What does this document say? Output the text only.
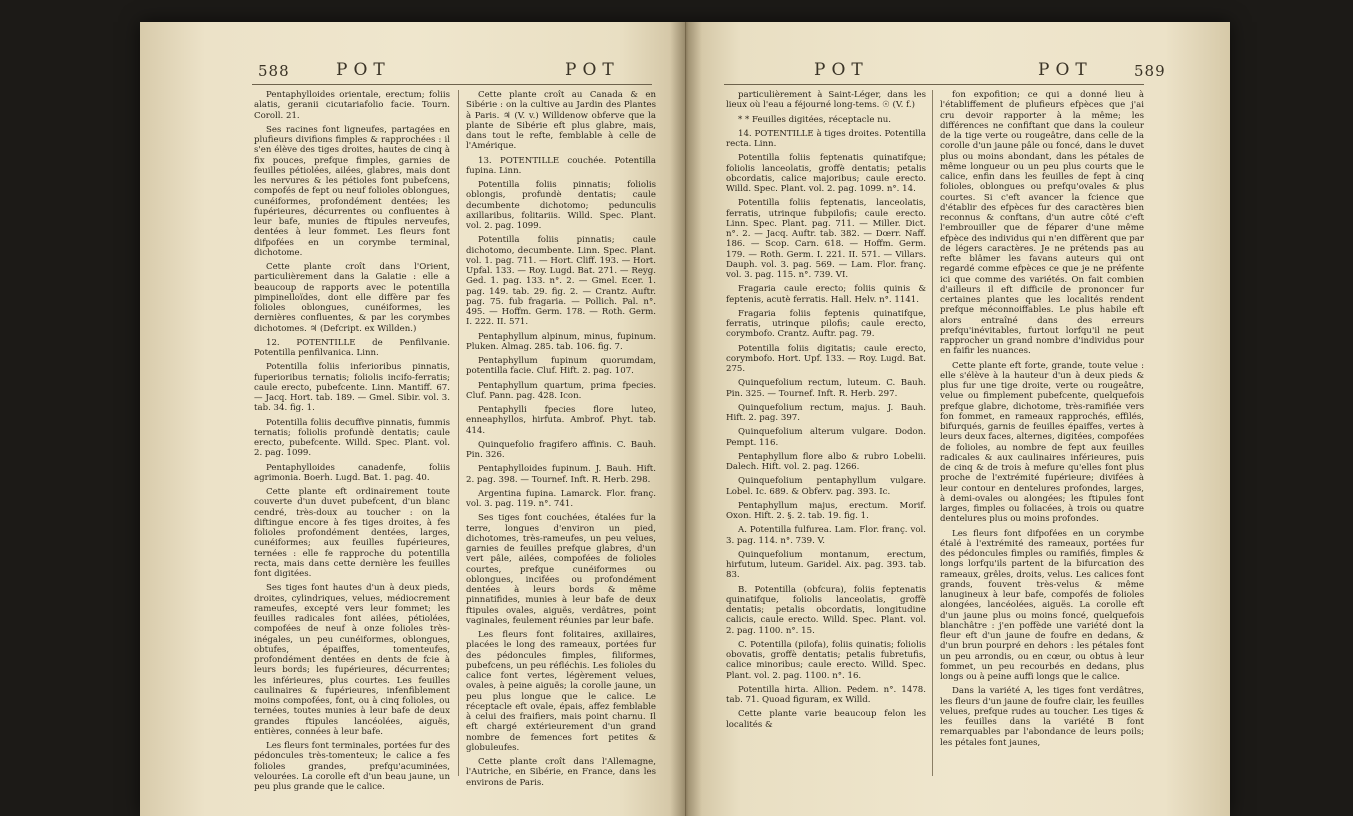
588	POT	POT

Pentaphylloides orientale, erectum; foliis alatis, geranii cicutariafolio facie. Tourn. Coroll. 21.

Ses racines font ligneufes, partagées en plufieurs divifions fimples & rapprochées : il s'en élève des tiges droites, hautes de cinq à fix pouces, prefque fimples, garnies de feuilles pétiolées, ailées, glabres, mais dont les nervures & les pétioles font pubefcens, compofés de fept ou neuf folioles oblongues, cunéiformes, profondément dentées; les fupérieures, décurrentes ou confluentes à leur bafe, munies de ftipules nerveufes, dentées à leur fommet. Les fleurs font difpofées en un corymbe terminal, dichotome.

Cette plante croît dans l'Orient, particulièrement dans la Galatie : elle a beaucoup de rapports avec le potentilla pimpinelloïdes, dont elle diffère par fes folioles oblongues, cunéiformes, les dernières confluentes, & par les corymbes dichotomes. ♃ (Defcript. ex Willden.)

12. POTENTILLE de Penfilvanie. Potentilla penfilvanica. Linn.

Potentilla foliis inferioribus pinnatis, fuperioribus ternatis; foliolis incifo-ferratis; caule erecto, pubefcente. Linn. Mantiff. 67. — Jacq. Hort. tab. 189. — Gmel. Sibir. vol. 3. tab. 34. fig. 1.

Potentilla foliis decuffive pinnatis, fummis ternatis; foliolis profundè dentatis; caule erecto, pubefcente. Willd. Spec. Plant. vol. 2. pag. 1099.

Pentaphylloides canadenfe, foliis agrimonia. Boerh. Lugd. Bat. 1. pag. 40.

Cette plante eft ordinairement toute couverte d'un duvet pubefcent, d'un blanc cendré, très-doux au toucher : on la diftingue encore à fes tiges droites, à fes folioles profondément dentées, larges, cunéiformes; aux feuilles fupérieures, ternées : elle fe rapproche du potentilla recta, mais dans cette dernière les feuilles font digitées.

Ses tiges font hautes d'un à deux pieds, droites, cylindriques, velues, médiocrement rameufes, excepté vers leur fommet; les feuilles radicales font ailées, pétiolées, compofées de neuf à onze folioles très-inégales, un peu cunéiformes, oblongues, obtufes, épaiffes, tomenteufes, profondément dentées en dents de fcie à leurs bords; les fupérieures, décurrentes; les inférieures, plus courtes. Les feuilles caulinaires & fupérieures, infenfiblement moins compofées, font, ou à cinq folioles, ou ternées, toutes munies à leur bafe de deux grandes ftipules lancéolées, aiguës, entières, connées à leur bafe.

Les fleurs font terminales, portées fur des pédoncules très-tomenteux; le calice a fes folioles grandes, prefqu'acuminées, velourées. La corolle eft d'un beau jaune, un peu plus grande que le calice.

Cette plante croît au Canada & en Sibérie : on la cultive au Jardin des Plantes à Paris. ♃ (V. v.) Willdenow obferve que la plante de Sibérie eft plus glabre, mais, dans tout le refte, femblable à celle de l'Amérique.

13. POTENTILLE couchée. Potentilla fupina. Linn.

Potentilla foliis pinnatis; foliolis oblongis, profundè dentatis; caule decumbente dichotomo; pedunculis axillaribus, folitariis. Willd. Spec. Plant. vol. 2. pag. 1099.

Potentilla foliis pinnatis; caule dichotomo, decumbente. Linn. Spec. Plant. vol. 1. pag. 711. — Hort. Cliff. 193. — Hort. Upfal. 133. — Roy. Lugd. Bat. 271. — Reyg. Ged. 1. pag. 133. n°. 2. — Gmel. Ecer. 1. pag. 149. tab. 29. fig. 2. — Crantz. Auftr. pag. 75. fub fragaria. — Pollich. Pal. n°. 495. — Hoffm. Germ. 178. — Roth. Germ. I. 222. II. 571.

Pentaphyllum alpinum, minus, fupinum. Pluken. Almag. 285. tab. 106. fig. 7.

Pentaphyllum fupinum quorumdam, potentilla facie. Cluf. Hift. 2. pag. 107.

Pentaphyllum quartum, prima fpecies. Cluf. Pann. pag. 428. Icon.

Pentaphylli fpecies flore luteo, enneaphyllos, hirfuta. Ambrof. Phyt. tab. 414.

Quinquefolio fragifero affinis. C. Bauh. Pin. 326.

Pentaphylloides fupinum. J. Bauh. Hift. 2. pag. 398. — Tournef. Inft. R. Herb. 298.

Argentina fupina. Lamarck. Flor. franç. vol. 3. pag. 119. n°. 741.

Ses tiges font couchées, étalées fur la terre, longues d'environ un pied, dichotomes, très-rameufes, un peu velues, garnies de feuilles prefque glabres, d'un vert pâle, ailées, compofées de folioles courtes, prefque cunéiformes ou oblongues, incifées ou profondément dentées à leurs bords & même pinnatifides, munies à leur bafe de deux ftipules ovales, aiguës, verdâtres, point vaginales, feulement réunies par leur bafe.

Les fleurs font folitaires, axillaires, placées le long des rameaux, portées fur des pédoncules fimples, filiformes, pubefcens, un peu réfléchis. Les folioles du calice font vertes, légèrement velues, ovales, à peine aiguës; la corolle jaune, un peu plus longue que le calice. Le réceptacle eft ovale, épais, affez femblable à celui des fraifiers, mais point charnu. Il eft chargé extérieurement d'un grand nombre de femences fort petites & globuleufes.

Cette plante croît dans l'Allemagne, l'Autriche, en Sibérie, en France, dans les environs de Paris.

POT	POT	589

particulièrement à Saint-Léger, dans les lieux où l'eau a féjourné long-tems. ☉ (V. f.)

* * Feuilles digitées, réceptacle nu.

14. POTENTILLE à tiges droites. Potentilla recta. Linn.

Potentilla foliis feptenatis quinatifque; foliolis lanceolatis, groffè dentatis; petalis obcordatis, calice majoribus; caule erecto. Willd. Spec. Plant. vol. 2. pag. 1099. n°. 14.

Potentilla foliis feptenatis, lanceolatis, ferratis, utrinque fubpilofis; caule erecto. Linn. Spec. Plant. pag. 711. — Miller. Dict. n°. 2. — Jacq. Auftr. tab. 382. — Dœrr. Naff. 186. — Scop. Carn. 618. — Hoffm. Germ. 179. — Roth. Germ. I. 221. II. 571. — Villars. Dauph. vol. 3. pag. 569. — Lam. Flor. franç. vol. 3. pag. 115. n°. 739. VI.

Fragaria caule erecto; foliis quinis & feptenis, acutè ferratis. Hall. Helv. n°. 1141.

Fragaria foliis feptenis quinatifque, ferratis, utrinque pilofis; caule erecto, corymbofo. Crantz. Auftr. pag. 79.

Potentilla foliis digitatis; caule erecto, corymbofo. Hort. Upf. 133. — Roy. Lugd. Bat. 275.

Quinquefolium rectum, luteum. C. Bauh. Pin. 325. — Tournef. Inft. R. Herb. 297.

Quinquefolium rectum, majus. J. Bauh. Hift. 2. pag. 397.

Quinquefolium alterum vulgare. Dodon. Pempt. 116.

Pentaphyllum flore albo & rubro Lobelii. Dalech. Hift. vol. 2. pag. 1266.

Quinquefolium pentaphyllum vulgare. Lobel. Ic. 689. & Obferv. pag. 393. Ic.

Pentaphyllum majus, erectum. Morif. Oxon. Hift. 2. §. 2. tab. 19. fig. 1.

A. Potentilla fulfurea. Lam. Flor. franç. vol. 3. pag. 114. n°. 739. V.

Quinquefolium montanum, erectum, hirfutum, luteum. Garidel. Aix. pag. 393. tab. 83.

B. Potentilla (obfcura), foliis feptenatis quinatifque, foliolis lanceolatis, groffè dentatis; petalis obcordatis, longitudine calicis, caule erecto. Willd. Spec. Plant. vol. 2. pag. 1100. n°. 15.

C. Potentilla (pilofa), foliis quinatis; foliolis obovatis, groffè dentatis; petalis fubretufis, calice minoribus; caule erecto. Willd. Spec. Plant. vol. 2. pag. 1100. n°. 16.

Potentilla hirta. Allion. Pedem. n°. 1478. tab. 71. Quoad figuram, ex Willd.

Cette plante varie beaucoup felon les localités &

fon expofition; ce qui a donné lieu à l'établiffement de plufieurs efpèces que j'ai cru devoir rapporter à la même; les différences ne confiftant que dans la couleur de la tige verte ou rougeâtre, dans celle de la corolle d'un jaune pâle ou foncé, dans le duvet plus ou moins abondant, dans les pétales de même longueur ou un peu plus courts que le calice, enfin dans les feuilles de fept à cinq folioles, oblongues ou prefqu'ovales & plus courtes. Si c'eft avancer la fcience que d'établir des efpèces fur des caractères bien reconnus & conftans, d'un autre côté c'eft l'embrouiller que de féparer d'une même efpèce des individus qui n'en diffèrent que par de légers caractères. Je ne prétends pas au refte blâmer les favans auteurs qui ont regardé comme efpèces ce que je ne préfente ici que comme des variétés. On fait combien d'ailleurs il eft difficile de prononcer fur certaines plantes que les localités rendent prefque méconnoiffables. Le plus habile eft alors entraîné dans des erreurs prefqu'inévitables, furtout lorfqu'il ne peut rapprocher un grand nombre d'individus pour en faifir les nuances.

Cette plante eft forte, grande, toute velue : elle s'élève à la hauteur d'un à deux pieds & plus fur une tige droite, verte ou rougeâtre, velue ou fimplement pubefcente, quelquefois prefque glabre, dichotome, très-ramifiée vers fon fommet, en rameaux rapprochés, effilés, bifurqués, garnis de feuilles épaiffes, vertes à leurs deux faces, alternes, digitées, compofées de folioles, au nombre de fept aux feuilles radicales & aux caulinaires inférieures, puis de cinq & de trois à mefure qu'elles font plus proche de l'extrémité fupérieure; divifées à leur contour en dentelures profondes, larges, à demi-ovales ou alongées; les ftipules font larges, fimples ou foliacées, à trois ou quatre dentelures plus ou moins profondes.

Les fleurs font difpofées en un corymbe étalé à l'extrémité des rameaux, portées fur des pédoncules fimples ou ramifiés, fimples & longs lorfqu'ils partent de la bifurcation des rameaux, grêles, droits, velus. Les calices font grands, fouvent très-velus & même lanugineux à leur bafe, compofés de folioles alongées, lancéolées, aiguës. La corolle eft d'un jaune plus ou moins foncé, quelquefois blanchâtre : j'en poffède une variété dont la fleur eft d'un jaune de foufre en dedans, & d'un brun pourpré en dehors : les pétales font un peu arrondis, ou en cœur, ou obtus à leur fommet, un peu recourbés en dedans, plus longs ou à peine auffi longs que le calice.

Dans la variété A, les tiges font verdâtres, les fleurs d'un jaune de foufre clair, les feuilles velues, prefque rudes au toucher. Les tiges & les feuilles dans la variété B font remarquables par l'abondance de leurs poils; les pétales font jaunes,
